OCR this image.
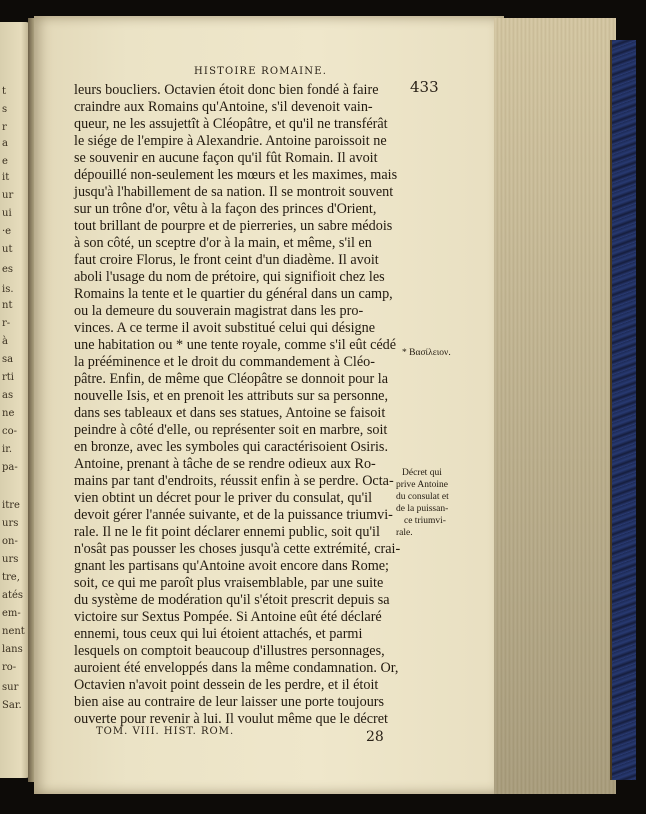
t
s
r
a
e
it
ur
ui
·e
ut
es
is.
nt
r-
à
sa
rti
as
ne
co-
ir.
pa-
itre
urs
on-
urs
tre,
atés
em-
nent
lans
ro-
sur
Sar.
HISTOIRE ROMAINE.
433
leurs boucliers. Octavien étoit donc bien fondé à faire
craindre aux Romains qu'Antoine, s'il devenoit vain-
queur, ne les assujettît à Cléopâtre, et qu'il ne transférât
le siége de l'empire à Alexandrie. Antoine paroissoit ne
se souvenir en aucune façon qu'il fût Romain. Il avoit
dépouillé non-seulement les mœurs et les maximes, mais
jusqu'à l'habillement de sa nation. Il se montroit souvent
sur un trône d'or, vêtu à la façon des princes d'Orient,
tout brillant de pourpre et de pierreries, un sabre médois
à son côté, un sceptre d'or à la main, et même, s'il en
faut croire Florus, le front ceint d'un diadème. Il avoit
aboli l'usage du nom de prétoire, qui signifioit chez les
Romains la tente et le quartier du général dans un camp,
ou la demeure du souverain magistrat dans les pro-
vinces. A ce terme il avoit substitué celui qui désigne
une habitation ou * une tente royale, comme s'il eût cédé
la prééminence et le droit du commandement à Cléo-
pâtre. Enfin, de même que Cléopâtre se donnoit pour la
nouvelle Isis, et en prenoit les attributs sur sa personne,
dans ses tableaux et dans ses statues, Antoine se faisoit
peindre à côté d'elle, ou représenter soit en marbre, soit
en bronze, avec les symboles qui caractérisoient Osiris.
Antoine, prenant à tâche de se rendre odieux aux Ro-
mains par tant d'endroits, réussit enfin à se perdre. Octa-
vien obtint un décret pour le priver du consulat, qu'il
devoit gérer l'année suivante, et de la puissance triumvi-
rale. Il ne le fit point déclarer ennemi public, soit qu'il
n'osât pas pousser les choses jusqu'à cette extrémité, crai-
gnant les partisans qu'Antoine avoit encore dans Rome;
soit, ce qui me paroît plus vraisemblable, par une suite
du système de modération qu'il s'étoit prescrit depuis sa
victoire sur Sextus Pompée. Si Antoine eût été déclaré
ennemi, tous ceux qui lui étoient attachés, et parmi
lesquels on comptoit beaucoup d'illustres personnages,
auroient été enveloppés dans la même condamnation. Or,
Octavien n'avoit point dessein de les perdre, et il étoit
bien aise au contraire de leur laisser une porte toujours
ouverte pour revenir à lui. Il voulut même que le décret
* Βασίλειον.
Décret qui
prive Antoine
du consulat et
de la puissan-
ce triumvi-
rale.
TOM. VIII. HIST. ROM.	28
